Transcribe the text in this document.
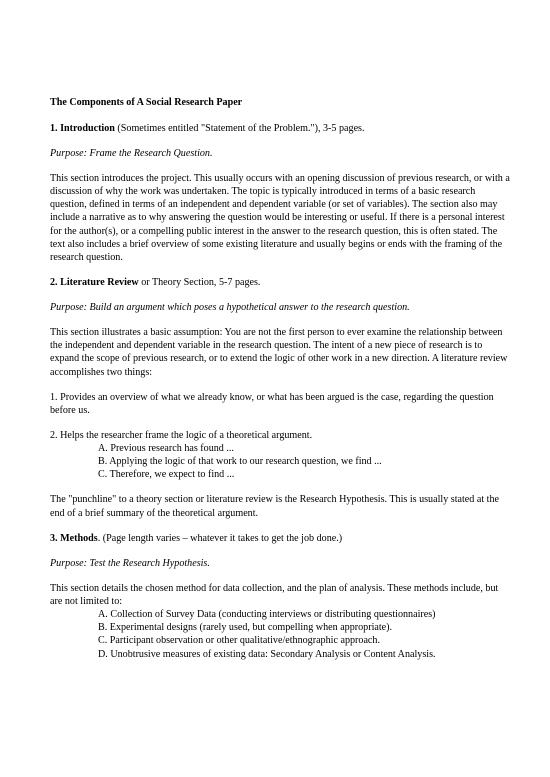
The Components of A Social Research Paper

1. Introduction (Sometimes entitled "Statement of the Problem."), 3-5 pages.

Purpose: Frame the Research Question.

This section introduces the project. This usually occurs with an opening discussion of previous research, or with a discussion of why the work was undertaken. The topic is typically introduced in terms of a basic research question, defined in terms of an independent and dependent variable (or set of variables). The section also may include a narrative as to why answering the question would be interesting or useful. If there is a personal interest for the author(s), or a compelling public interest in the answer to the research question, this is often stated. The text also includes a brief overview of some existing literature and usually begins or ends with the framing of the research question.

2. Literature Review or Theory Section, 5-7 pages.

Purpose: Build an argument which poses a hypothetical answer to the research question.

This section illustrates a basic assumption: You are not the first person to ever examine the relationship between the independent and dependent variable in the research question. The intent of a new piece of research is to expand the scope of previous research, or to extend the logic of other work in a new direction. A literature review accomplishes two things:

1. Provides an overview of what we already know, or what has been argued is the case, regarding the question before us.

2. Helps the researcher frame the logic of a theoretical argument.
A. Previous research has found ...
B. Applying the logic of that work to our research question, we find ...
C. Therefore, we expect to find ...

The "punchline" to a theory section or literature review is the Research Hypothesis. This is usually stated at the end of a brief summary of the theoretical argument.

3. Methods. (Page length varies – whatever it takes to get the job done.)

Purpose: Test the Research Hypothesis.

This section details the chosen method for data collection, and the plan of analysis. These methods include, but are not limited to:
A. Collection of Survey Data (conducting interviews or distributing questionnaires)
B. Experimental designs (rarely used, but compelling when appropriate).
C. Participant observation or other qualitative/ethnographic approach.
D. Unobtrusive measures of existing data: Secondary Analysis or Content Analysis.
